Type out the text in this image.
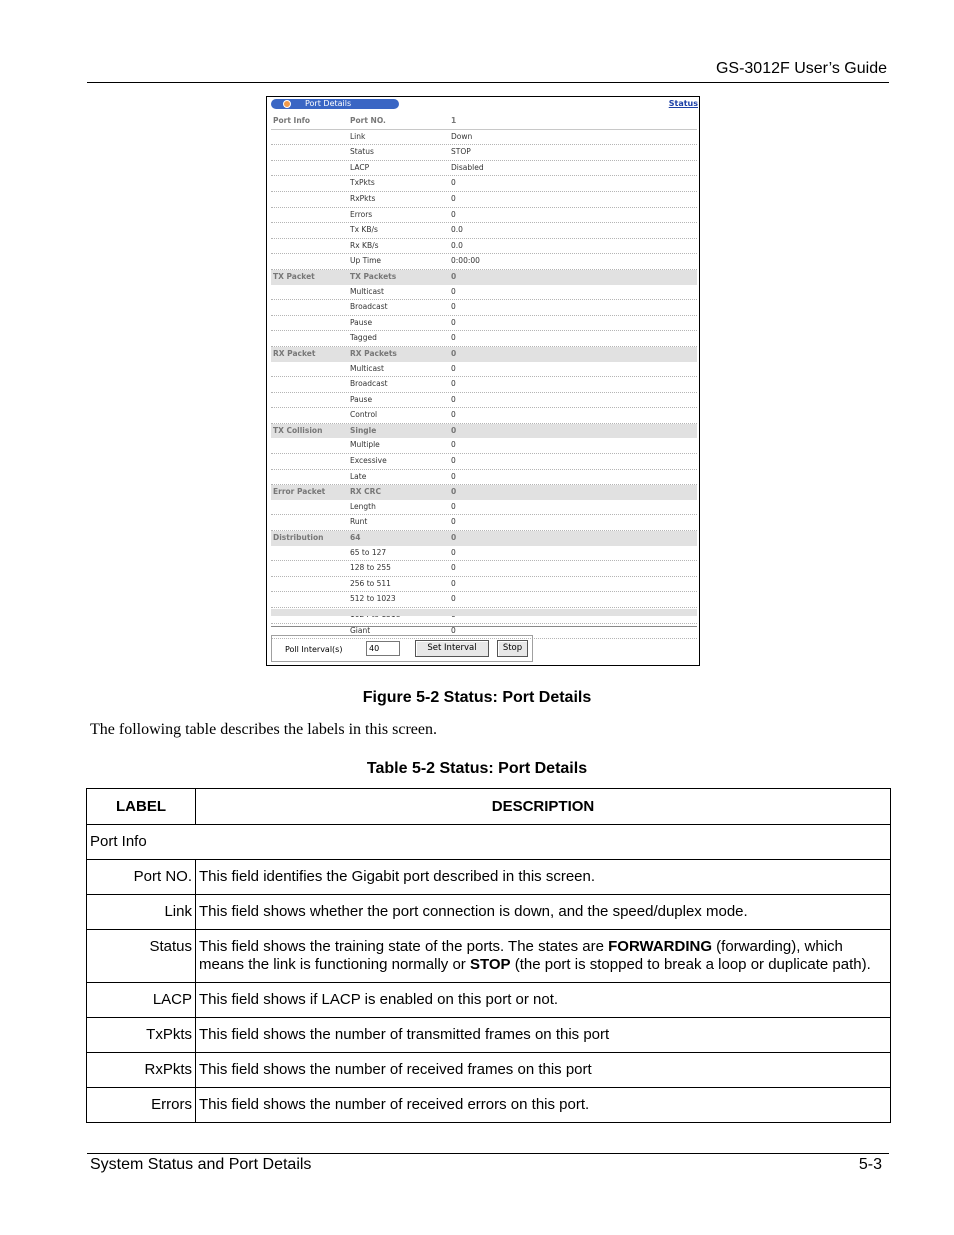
GS-3012F User’s Guide
Port Details	Status
Port Info	Port NO.	1
Link	Down
Status	STOP
LACP	Disabled
TxPkts	0
RxPkts	0
Errors	0
Tx KB/s	0.0
Rx KB/s	0.0
Up Time	0:00:00
TX Packet	TX Packets	0
Multicast	0
Broadcast	0
Pause	0
Tagged	0
RX Packet	RX Packets	0
Multicast	0
Broadcast	0
Pause	0
Control	0
TX Collision	Single	0
Multiple	0
Excessive	0
Late	0
Error Packet	RX CRC	0
Length	0
Runt	0
Distribution	64	0
65 to 127	0
128 to 255	0
256 to 511	0
512 to 1023	0
Giant	0
Poll Interval(s)	40	Set Interval	Stop
Figure 5-2 Status: Port Details
The following table describes the labels in this screen.
Table 5-2 Status: Port Details
LABEL	DESCRIPTION
Port Info	
Port NO.	This field identifies the Gigabit port described in this screen.
Link	This field shows whether the port connection is down, and the speed/duplex mode.
Status	This field shows the training state of the ports. The states are FORWARDING (forwarding), which means the link is functioning normally or STOP (the port is stopped to break a loop or duplicate path).
LACP	This field shows if LACP is enabled on this port or not.
TxPkts	This field shows the number of transmitted frames on this port
RxPkts	This field shows the number of received frames on this port
Errors	This field shows the number of received errors on this port.
System Status and Port Details	5-3
